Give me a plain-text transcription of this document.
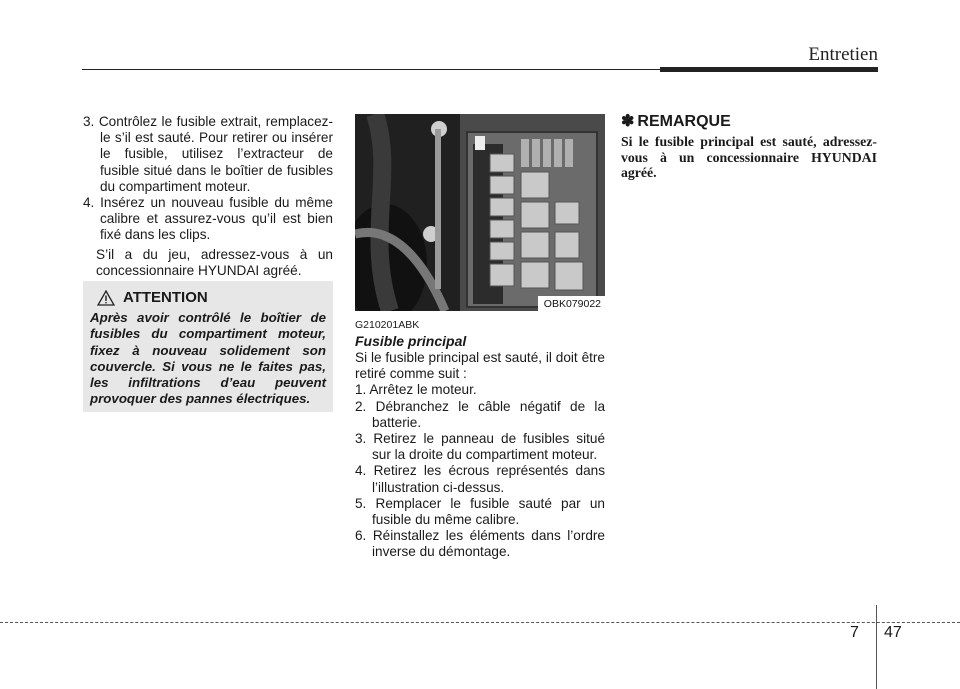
Entretien

3. Contrôlez le fusible extrait, remplacez-le s’il est sauté. Pour retirer ou insérer le fusible, utilisez l’extracteur de fusible situé dans le boîtier de fusibles du compartiment moteur.

4. Insérez un nouveau fusible du même calibre et assurez-vous qu’il est bien fixé dans les clips.

S’il a du jeu, adressez-vous à un concessionnaire HYUNDAI agréé.

ATTENTION
Après avoir contrôlé le boîtier de fusibles du compartiment moteur, fixez à nouveau solidement son couvercle. Si vous ne le faites pas, les infiltrations d’eau peuvent provoquer des pannes électriques.
OBK079022
G210201ABK
Fusible principal

Si le fusible principal est sauté, il doit être retiré comme suit :

1. Arrêtez le moteur.

2. Débranchez le câble négatif de la batterie.

3. Retirez le panneau de fusibles situé sur la droite du compartiment moteur.

4. Retirez les écrous représentés dans l’illustration ci-dessus.

5. Remplacer le fusible sauté par un fusible du même calibre.

6. Réinstallez les éléments dans l’ordre inverse du démontage.

✽ REMARQUE
Si le fusible principal est sauté, adressez-vous à un concessionnaire HYUNDAI agréé.
7 47
